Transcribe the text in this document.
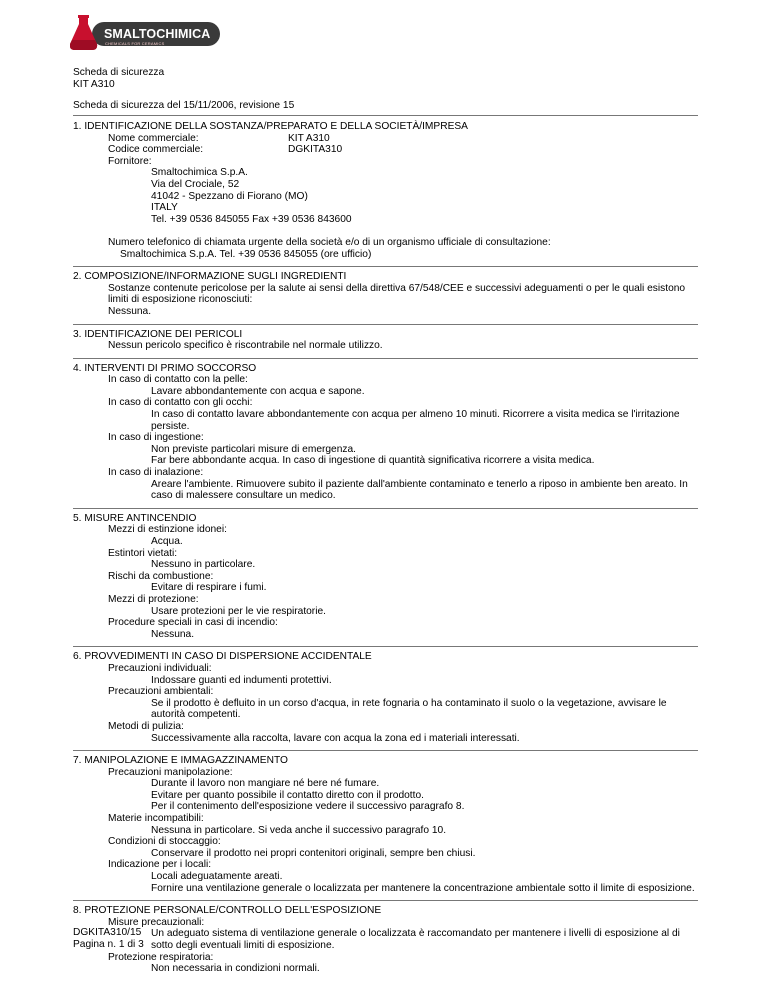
SMALTOCHIMICA
CHEMICALS FOR CERAMICS
Scheda di sicurezza
KIT A310
Scheda di sicurezza del 15/11/2006, revisione 15
1. IDENTIFICAZIONE DELLA SOSTANZA/PREPARATO E DELLA SOCIETÀ/IMPRESA
Nome commerciale:	KIT A310
Codice commerciale:	DGKITA310
Fornitore:
Smaltochimica S.p.A.
Via del Crociale, 52
41042 - Spezzano di Fiorano (MO)
ITALY
Tel. +39 0536 845055 Fax +39 0536 843600
Numero telefonico di chiamata urgente della società e/o di un organismo ufficiale di consultazione:
Smaltochimica S.p.A. Tel. +39 0536 845055 (ore ufficio)
2. COMPOSIZIONE/INFORMAZIONE SUGLI INGREDIENTI
Sostanze contenute pericolose per la salute ai sensi della direttiva 67/548/CEE e successivi adeguamenti o per le quali esistono limiti di esposizione riconosciuti:
Nessuna.
3. IDENTIFICAZIONE DEI PERICOLI
Nessun pericolo specifico è riscontrabile nel normale utilizzo.
4. INTERVENTI DI PRIMO SOCCORSO
In caso di contatto con la pelle:
Lavare abbondantemente con acqua e sapone.
In caso di contatto con gli occhi:
In caso di contatto lavare abbondantemente con acqua per almeno 10 minuti. Ricorrere a visita medica se l'irritazione persiste.
In caso di ingestione:
Non previste particolari misure di emergenza.
Far bere abbondante acqua. In caso di ingestione di quantità significativa ricorrere a visita medica.
In caso di inalazione:
Areare l'ambiente. Rimuovere subito il paziente dall'ambiente contaminato e tenerlo a riposo in ambiente ben areato. In caso di malessere consultare un medico.
5. MISURE ANTINCENDIO
Mezzi di estinzione idonei:
Acqua.
Estintori vietati:
Nessuno in particolare.
Rischi da combustione:
Evitare di respirare i fumi.
Mezzi di protezione:
Usare protezioni per le vie respiratorie.
Procedure speciali in casi di incendio:
Nessuna.
6. PROVVEDIMENTI IN CASO DI DISPERSIONE ACCIDENTALE
Precauzioni individuali:
Indossare guanti ed indumenti protettivi.
Precauzioni ambientali:
Se il prodotto è defluito in un corso d'acqua, in rete fognaria o ha contaminato il suolo o la vegetazione, avvisare le autorità competenti.
Metodi di pulizia:
Successivamente alla raccolta, lavare con acqua la zona ed i materiali interessati.
7. MANIPOLAZIONE E IMMAGAZZINAMENTO
Precauzioni manipolazione:
Durante il lavoro non mangiare né bere né fumare.
Evitare per quanto possibile il contatto diretto con il prodotto.
Per il contenimento dell'esposizione vedere il successivo paragrafo 8.
Materie incompatibili:
Nessuna in particolare. Si veda anche il successivo paragrafo 10.
Condizioni di stoccaggio:
Conservare il prodotto nei propri contenitori originali, sempre ben chiusi.
Indicazione per i locali:
Locali adeguatamente areati.
Fornire una ventilazione generale o localizzata per mantenere la concentrazione ambientale sotto il limite di esposizione.
8. PROTEZIONE PERSONALE/CONTROLLO DELL'ESPOSIZIONE
Misure precauzionali:
Un adeguato sistema di ventilazione generale o localizzata è raccomandato per mantenere i livelli di esposizione al di sotto degli eventuali limiti di esposizione.
Protezione respiratoria:
Non necessaria in condizioni normali.
DGKITA310/15
Pagina n. 1 di 3
